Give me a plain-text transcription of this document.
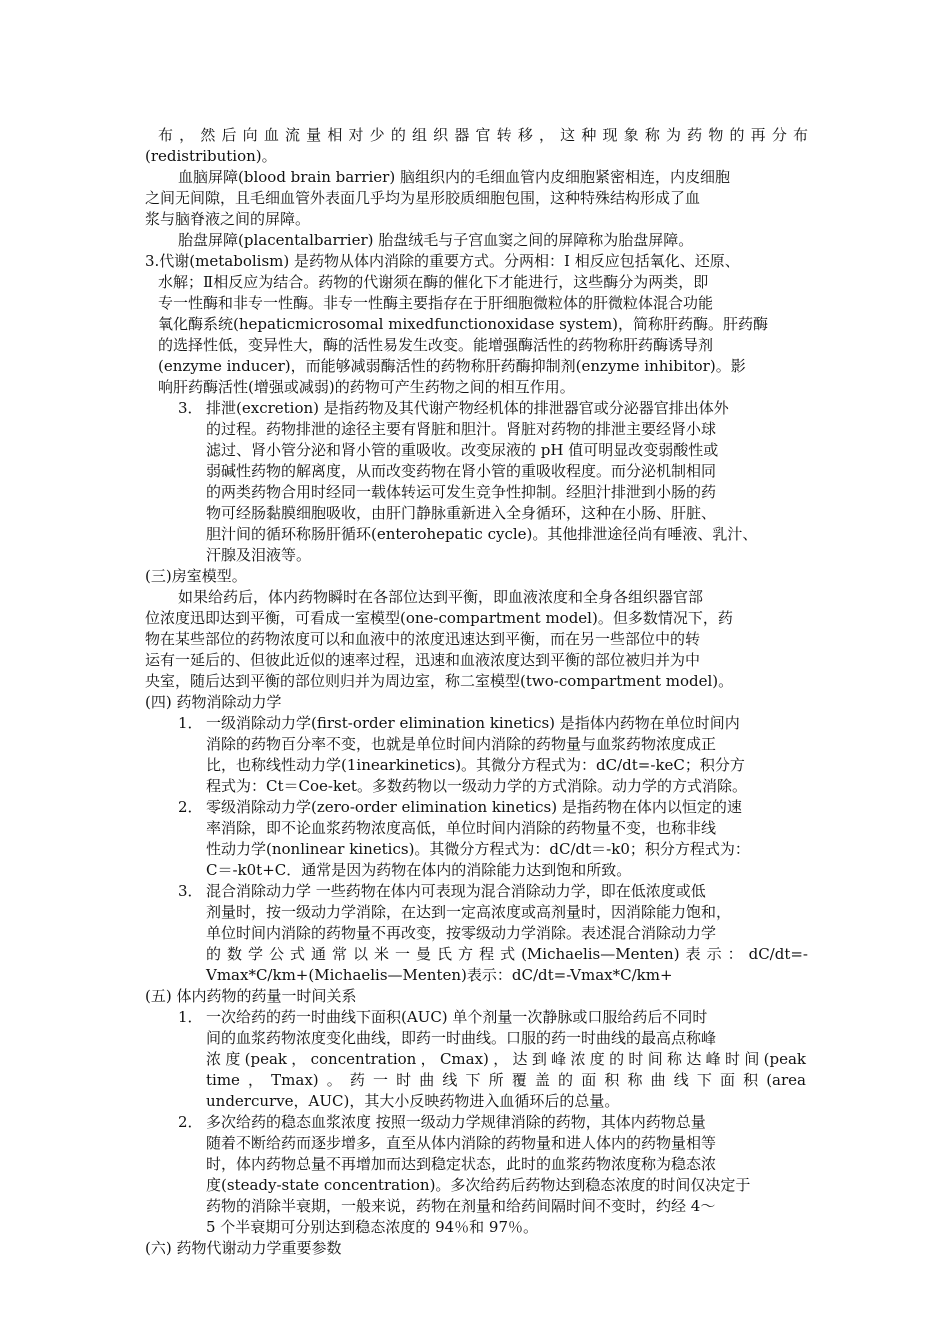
布，然后向血流量相对少的组织器官转移，这种现象称为药物的再分布
(redistribution)。
血脑屏障(blood brain barrier) 脑组织内的毛细血管内皮细胞紧密相连，内皮细胞
之间无间隙，且毛细血管外表面几乎均为星形胶质细胞包围，这种特殊结构形成了血
浆与脑脊液之间的屏障。
胎盘屏障(placentalbarrier) 胎盘绒毛与子宫血窦之间的屏障称为胎盘屏障。
3.代谢(metabolism) 是药物从体内消除的重要方式。分两相：I 相反应包括氧化、还原、
水解；Ⅱ相反应为结合。药物的代谢须在酶的催化下才能进行，这些酶分为两类，即
专一性酶和非专一性酶。非专一性酶主要指存在于肝细胞微粒体的肝微粒体混合功能
氧化酶系统(hepaticmicrosomal mixedfunctionoxidase system)，简称肝药酶。肝药酶
的选择性低，变异性大，酶的活性易发生改变。能增强酶活性的药物称肝药酶诱导剂
(enzyme inducer)，而能够减弱酶活性的药物称肝药酶抑制剂(enzyme inhibitor)。影
响肝药酶活性(增强或减弱)的药物可产生药物之间的相互作用。
3． 排泄(excretion) 是指药物及其代谢产物经机体的排泄器官或分泌器官排出体外
的过程。药物排泄的途径主要有肾脏和胆汁。肾脏对药物的排泄主要经肾小球
滤过、肾小管分泌和肾小管的重吸收。改变尿液的 pH 值可明显改变弱酸性或
弱碱性药物的解离度，从而改变药物在肾小管的重吸收程度。而分泌机制相同
的两类药物合用时经同一载体转运可发生竞争性抑制。经胆汁排泄到小肠的药
物可经肠黏膜细胞吸收，由肝门静脉重新进入全身循环，这种在小肠、肝脏、
胆汁间的循环称肠肝循环(enterohepatic cycle)。其他排泄途径尚有唾液、乳汁、
汗腺及泪液等。
(三)房室模型。
如果给药后，体内药物瞬时在各部位达到平衡，即血液浓度和全身各组织器官部
位浓度迅即达到平衡，可看成一室模型(one-compartment model)。但多数情况下，药
物在某些部位的药物浓度可以和血液中的浓度迅速达到平衡，而在另一些部位中的转
运有一延后的、但彼此近似的速率过程，迅速和血液浓度达到平衡的部位被归并为中
央室，随后达到平衡的部位则归并为周边室，称二室模型(two-compartment model)。
(四) 药物消除动力学
1． 一级消除动力学(first-order elimination kinetics) 是指体内药物在单位时间内
消除的药物百分率不变，也就是单位时间内消除的药物量与血浆药物浓度成正
比，也称线性动力学(1inearkinetics)。其微分方程式为：dC/dt=-keC；积分方
程式为：Ct＝Coe-ket。多数药物以一级动力学的方式消除。动力学的方式消除。
2． 零级消除动力学(zero-order elimination kinetics) 是指药物在体内以恒定的速
率消除，即不论血浆药物浓度高低，单位时间内消除的药物量不变，也称非线
性动力学(nonlinear kinetics)。其微分方程式为：dC/dt＝-k0；积分方程式为：
C＝-k0t+C．通常是因为药物在体内的消除能力达到饱和所致。
3． 混合消除动力学 一些药物在体内可表现为混合消除动力学，即在低浓度或低
剂量时，按一级动力学消除，在达到一定高浓度或高剂量时，因消除能力饱和，
单位时间内消除的药物量不再改变，按零级动力学消除。表述混合消除动力学
的数学公式通常以米一曼氏方程式(Michaelis—Menten)表示：dC/dt=-
Vmax*C/km+(Michaelis—Menten)表示：dC/dt=-Vmax*C/km+
(五) 体内药物的药量一时间关系
1． 一次给药的药一时曲线下面积(AUC) 单个剂量一次静脉或口服给药后不同时
间的血浆药物浓度变化曲线，即药一时曲线。口服的药一时曲线的最高点称峰
浓度(peak，concentration，Cmax)，达到峰浓度的时间称达峰时间(peak
time，Tmax)。药一时曲线下所覆盖的面积称曲线下面积(area
undercurve，AUC)，其大小反映药物进入血循环后的总量。
2． 多次给药的稳态血浆浓度 按照一级动力学规律消除的药物，其体内药物总量
随着不断给药而逐步增多，直至从体内消除的药物量和进人体内的药物量相等
时，体内药物总量不再增加而达到稳定状态，此时的血浆药物浓度称为稳态浓
度(steady-state concentration)。多次给药后药物达到稳态浓度的时间仅决定于
药物的消除半衰期，一般来说，药物在剂量和给药间隔时间不变时，约经 4～
5 个半衰期可分别达到稳态浓度的 94％和 97％。
(六) 药物代谢动力学重要参数
